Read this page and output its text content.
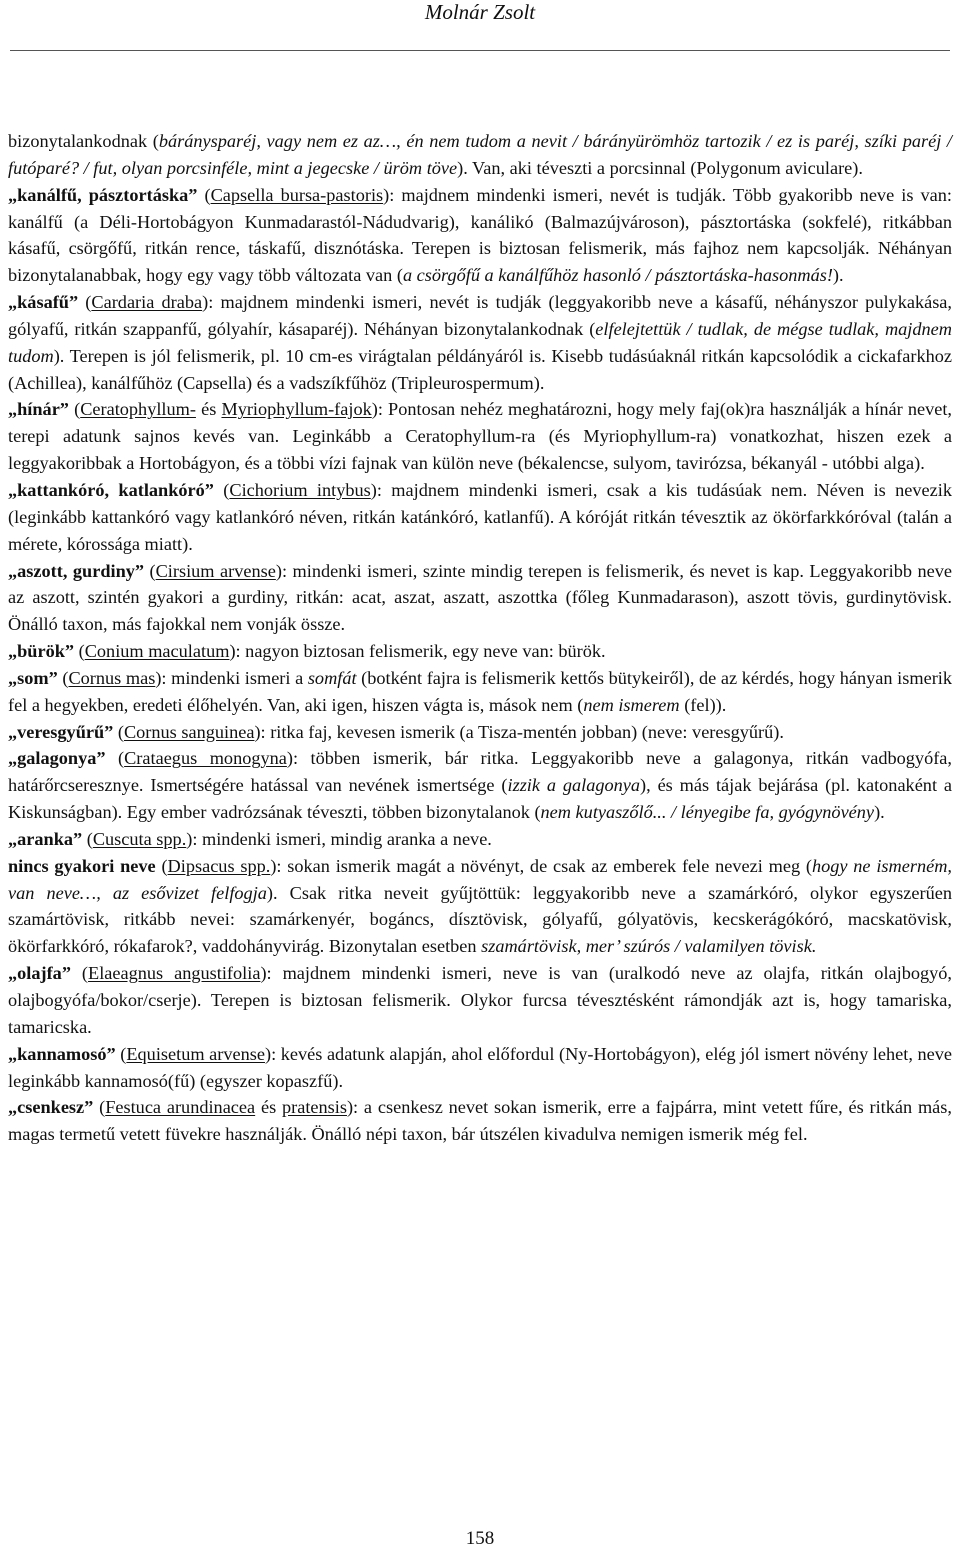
Molnár Zsolt

bizonytalankodnak (báránysparéj, vagy nem ez az…, én nem tudom a nevit / bárányürömhöz tartozik / ez is paréj, szíki paréj / futóparé? / fut, olyan porcsinféle, mint a jegecske / üröm töve). Van, aki téveszti a porcsinnal (Polygonum aviculare).

„kanálfű, pásztortáska” (Capsella bursa-pastoris): majdnem mindenki ismeri, nevét is tudják. Több gyakoribb neve is van: kanálfű (a Déli-Hortobágyon Kunmadarastól-Nádudvarig), kanálikó (Balmazújvároson), pásztortáska (sokfelé), ritkábban kásafű, csörgőfű, ritkán rence, táskafű, disznótáska. Terepen is biztosan felismerik, más fajhoz nem kapcsolják. Néhányan bizonytalanabbak, hogy egy vagy több változata van (a csörgőfű a kanálfűhöz hasonló / pásztortáska-hasonmás!).

„kásafű” (Cardaria draba): majdnem mindenki ismeri, nevét is tudják (leggyakoribb neve a kásafű, néhányszor pulykakása, gólyafű, ritkán szappanfű, gólyahír, kásaparéj). Néhányan bizonytalankodnak (elfelejtettük / tudlak, de mégse tudlak, majdnem tudom). Terepen is jól felismerik, pl. 10 cm-es virágtalan példányáról is. Kisebb tudásúaknál ritkán kapcsolódik a cickafarkhoz (Achillea), kanálfűhöz (Capsella) és a vadszíkfűhöz (Tripleurospermum).

„hínár” (Ceratophyllum- és Myriophyllum-fajok): Pontosan nehéz meghatározni, hogy mely faj(ok)ra használják a hínár nevet, terepi adatunk sajnos kevés van. Leginkább a Ceratophyllum-ra (és Myriophyllum-ra) vonatkozhat, hiszen ezek a leggyakoribbak a Hortobágyon, és a többi vízi fajnak van külön neve (békalencse, sulyom, tavirózsa, békanyál - utóbbi alga).

„kattankóró, katlankóró” (Cichorium intybus): majdnem mindenki ismeri, csak a kis tudásúak nem. Néven is nevezik (leginkább kattankóró vagy katlankóró néven, ritkán katánkóró, katlanfű). A kóróját ritkán tévesztik az ökörfarkkóróval (talán a mérete, kórossága miatt).

„aszott, gurdiny” (Cirsium arvense): mindenki ismeri, szinte mindig terepen is felismerik, és nevet is kap. Leggyakoribb neve az aszott, szintén gyakori a gurdiny, ritkán: acat, aszat, aszatt, aszottka (főleg Kunmadarason), aszott tövis, gurdinytövisk. Önálló taxon, más fajokkal nem vonják össze.

„bürök” (Conium maculatum): nagyon biztosan felismerik, egy neve van: bürök.

„som” (Cornus mas): mindenki ismeri a somfát (botként fajra is felismerik kettős bütykeiről), de az kérdés, hogy hányan ismerik fel a hegyekben, eredeti élőhelyén. Van, aki igen, hiszen vágta is, mások nem (nem ismerem (fel)).

„veresgyűrű” (Cornus sanguinea): ritka faj, kevesen ismerik (a Tisza-mentén jobban) (neve: veresgyűrű).

„galagonya” (Crataegus monogyna): többen ismerik, bár ritka. Leggyakoribb neve a galagonya, ritkán vadbogyófa, határőrcseresznye. Ismertségére hatással van nevének ismertsége (izzik a galagonya), és más tájak bejárása (pl. katonaként a Kiskunságban). Egy ember vadrózsának téveszti, többen bizonytalanok (nem kutyaszőlő... / lényegibe fa, gyógynövény).

„aranka” (Cuscuta spp.): mindenki ismeri, mindig aranka a neve.

nincs gyakori neve (Dipsacus spp.): sokan ismerik magát a növényt, de csak az emberek fele nevezi meg (hogy ne ismerném, van neve…, az esővizet felfogja). Csak ritka neveit gyűjtöttük: leggyakoribb neve a szamárkóró, olykor egyszerűen szamártövisk, ritkább nevei: szamárkenyér, bogáncs, dísztövisk, gólyafű, gólyatövis, kecskerágókóró, macskatövisk, ökörfarkkóró, rókafarok?, vaddohányvirág. Bizonytalan esetben szamártövisk, mer’ szúrós / valamilyen tövisk.

„olajfa” (Elaeagnus angustifolia): majdnem mindenki ismeri, neve is van (uralkodó neve az olajfa, ritkán olajbogyó, olajbogyófa/bokor/cserje). Terepen is biztosan felismerik. Olykor furcsa tévesztésként rámondják azt is, hogy tamariska, tamaricska.

„kannamosó” (Equisetum arvense): kevés adatunk alapján, ahol előfordul (Ny-Hortobágyon), elég jól ismert növény lehet, neve leginkább kannamosó(fű) (egyszer kopaszfű).

„csenkesz” (Festuca arundinacea és pratensis): a csenkesz nevet sokan ismerik, erre a fajpárra, mint vetett fűre, és ritkán más, magas termetű vetett füvekre használják. Önálló népi taxon, bár útszélen kivadulva nemigen ismerik még fel.

158
